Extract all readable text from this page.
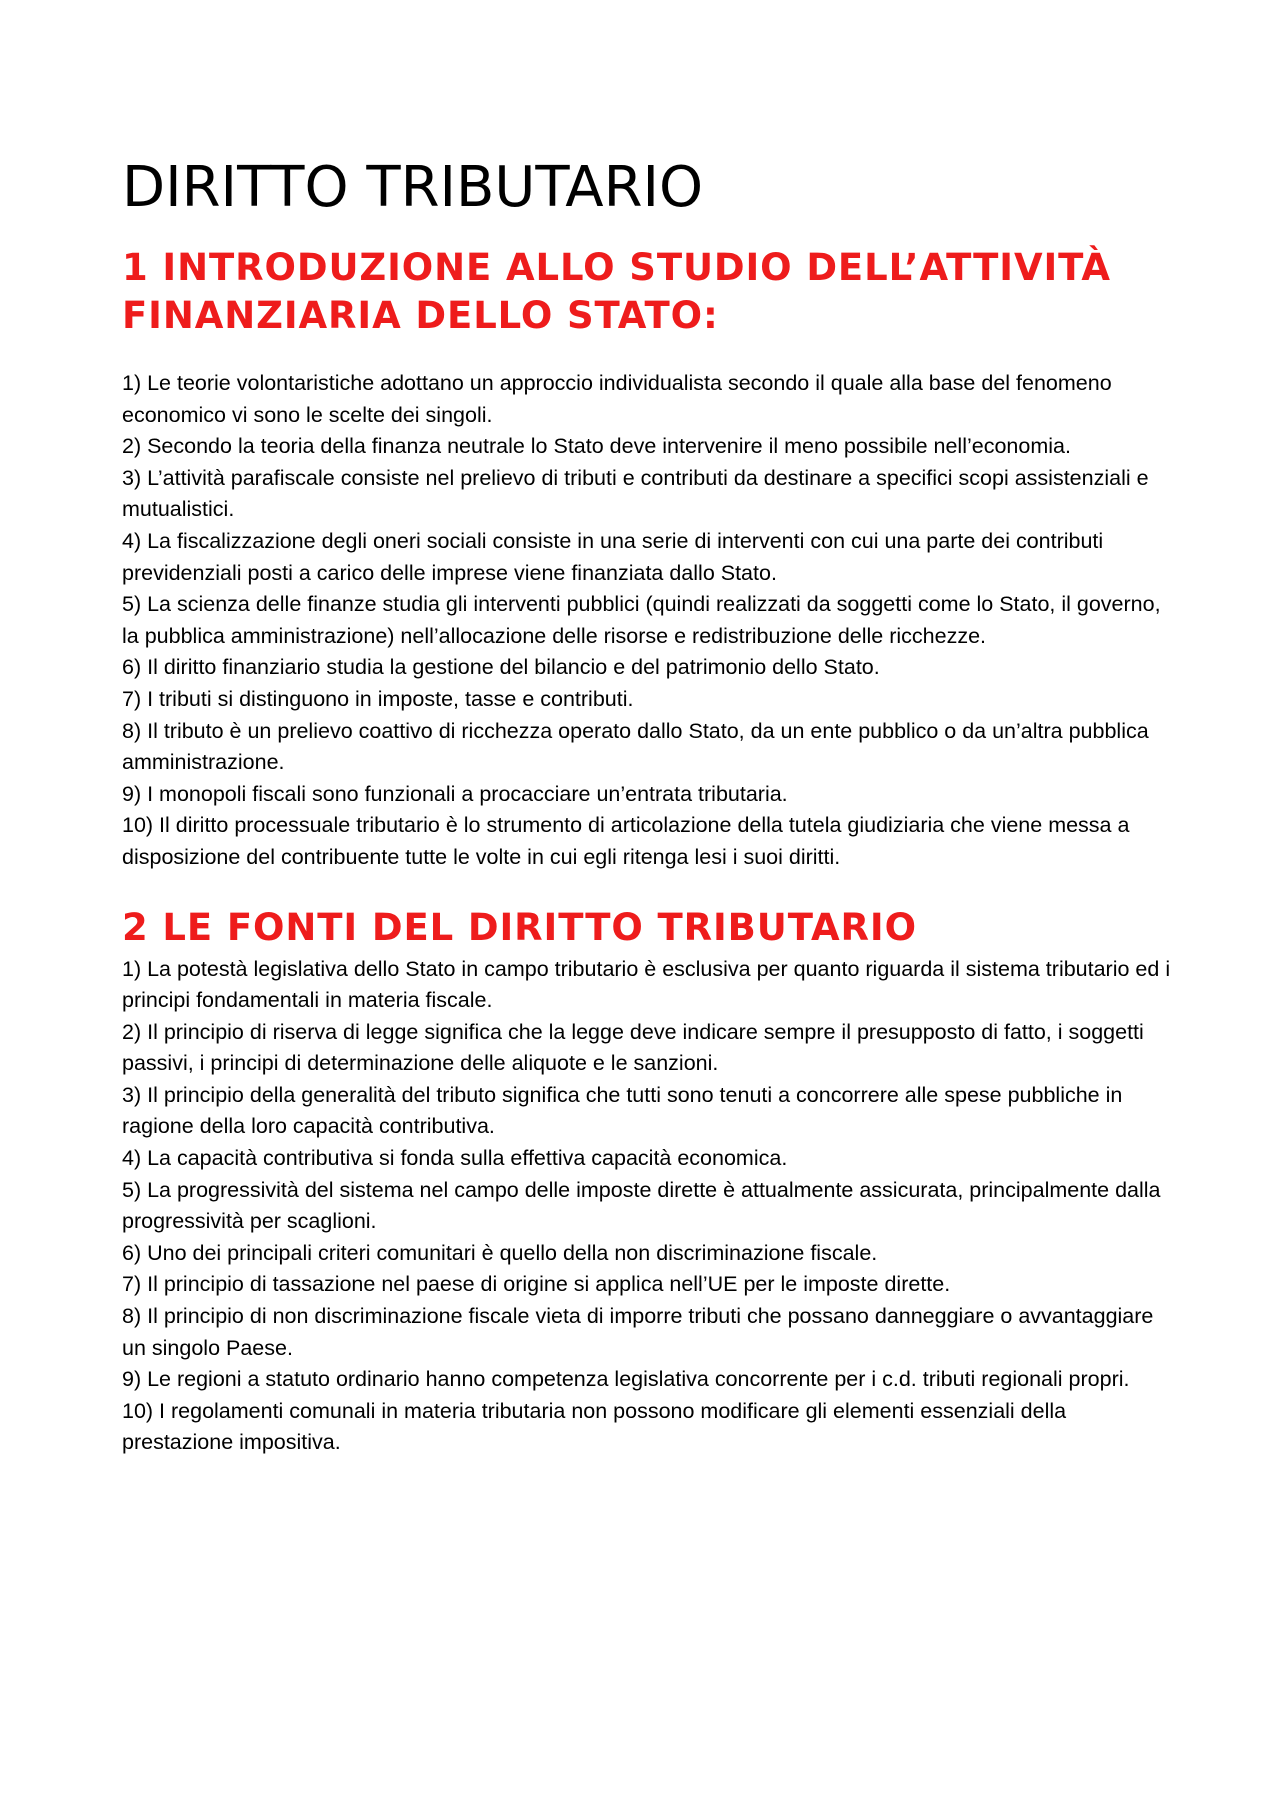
DIRITTO TRIBUTARIO
1 INTRODUZIONE ALLO STUDIO DELL’ATTIVITÀ FINANZIARIA DELLO STATO:
1) Le teorie volontaristiche adottano un approccio individualista secondo il quale alla base del fenomeno economico vi sono le scelte dei singoli.
2) Secondo la teoria della finanza neutrale lo Stato deve intervenire il meno possibile nell’economia.
3) L’attività parafiscale consiste nel prelievo di tributi e contributi da destinare a specifici scopi assistenziali e mutualistici.
4) La fiscalizzazione degli oneri sociali consiste in una serie di interventi con cui una parte dei contributi previdenziali posti a carico delle imprese viene finanziata dallo Stato.
5) La scienza delle finanze studia gli interventi pubblici (quindi realizzati da soggetti come lo Stato, il governo, la pubblica amministrazione) nell’allocazione delle risorse e redistribuzione delle ricchezze.
6) Il diritto finanziario studia la gestione del bilancio e del patrimonio dello Stato.
7) I tributi si distinguono in imposte, tasse e contributi.
8) Il tributo è un prelievo coattivo di ricchezza operato dallo Stato, da un ente pubblico o da un’altra pubblica amministrazione.
9) I monopoli fiscali sono funzionali a procacciare un’entrata tributaria.
10) Il diritto processuale tributario è lo strumento di articolazione della tutela giudiziaria che viene messa a disposizione del contribuente tutte le volte in cui egli ritenga lesi i suoi diritti.
2 LE FONTI DEL DIRITTO TRIBUTARIO
1) La potestà legislativa dello Stato in campo tributario è esclusiva per quanto riguarda il sistema tributario ed i principi fondamentali in materia fiscale.
2) Il principio di riserva di legge significa che la legge deve indicare sempre il presupposto di fatto, i soggetti passivi, i principi di determinazione delle aliquote e le sanzioni.
3) Il principio della generalità del tributo significa che tutti sono tenuti a concorrere alle spese pubbliche in ragione della loro capacità contributiva.
4) La capacità contributiva si fonda sulla effettiva capacità economica.
5) La progressività del sistema nel campo delle imposte dirette è attualmente assicurata, principalmente dalla progressività per scaglioni.
6) Uno dei principali criteri comunitari è quello della non discriminazione fiscale.
7) Il principio di tassazione nel paese di origine si applica nell’UE per le imposte dirette.
8) Il principio di non discriminazione fiscale vieta di imporre tributi che possano danneggiare o avvantaggiare un singolo Paese.
9) Le regioni a statuto ordinario hanno competenza legislativa concorrente per i c.d. tributi regionali propri.
10) I regolamenti comunali in materia tributaria non possono modificare gli elementi essenziali della prestazione impositiva.
